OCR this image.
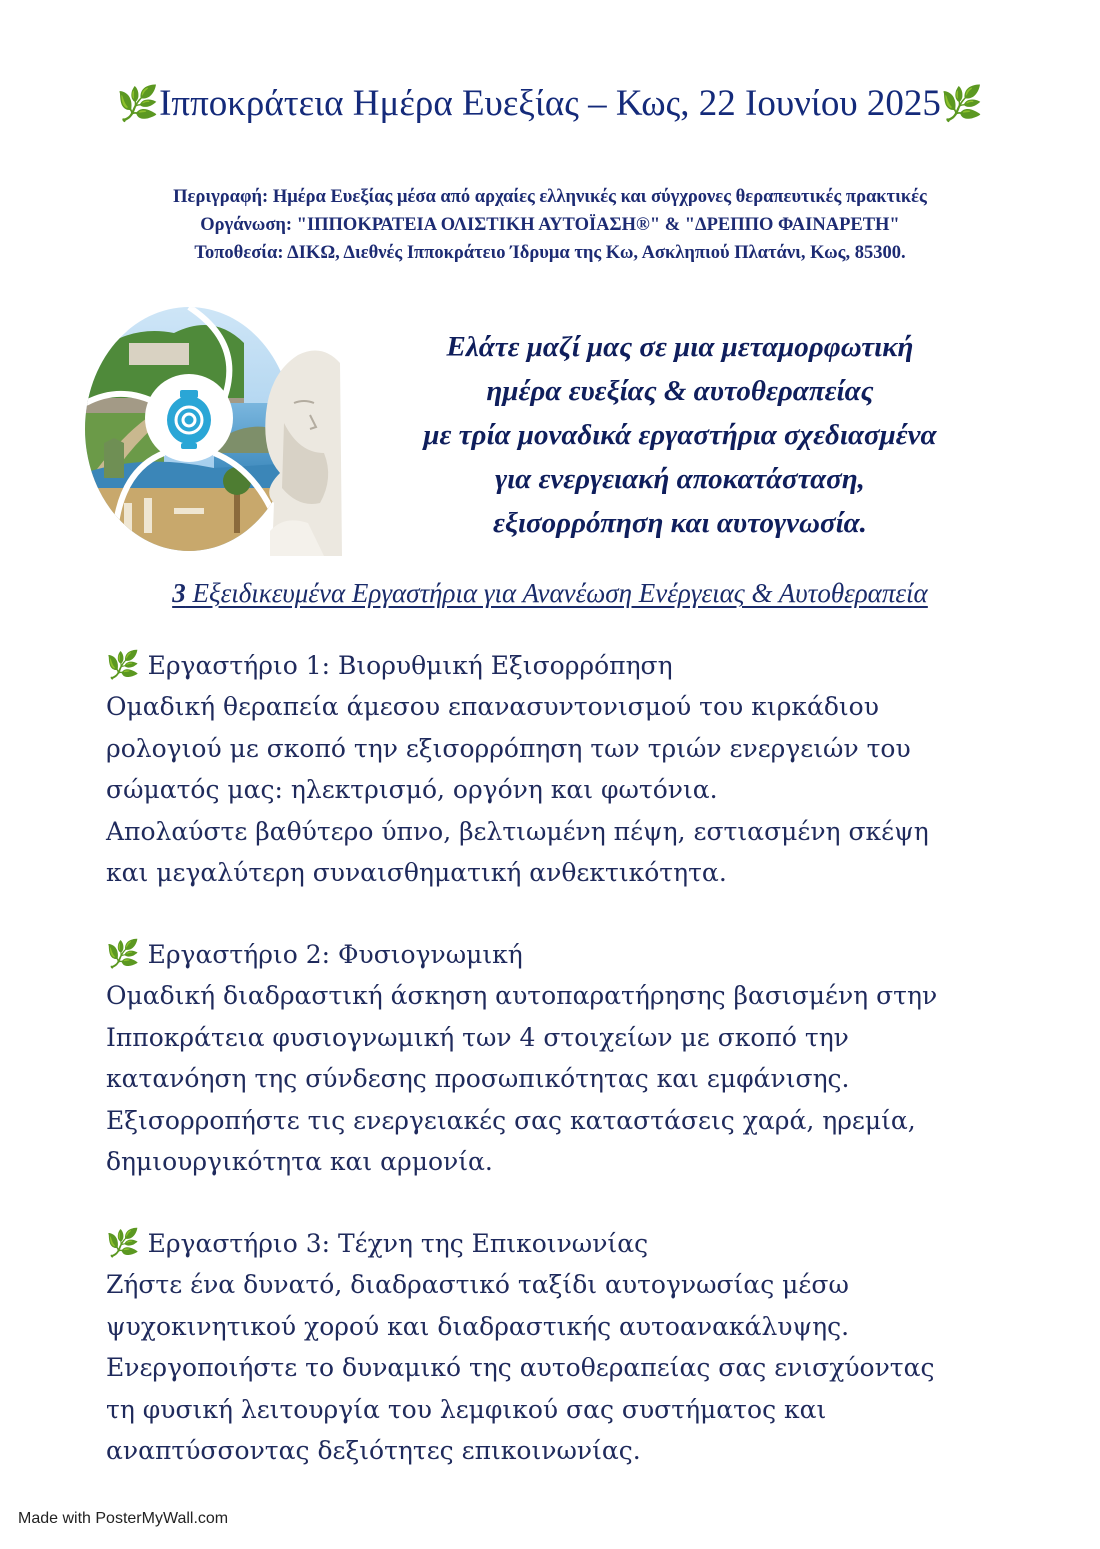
🌿Ιπποκράτεια Ημέρα Ευεξίας – Κως, 22 Ιουνίου 2025🌿
Περιγραφή: Ημέρα Ευεξίας μέσα από αρχαίες ελληνικές και σύγχρονες θεραπευτικές πρακτικές
Οργάνωση: "ΙΠΠΟΚΡΑΤΕΙΑ ΟΛΙΣΤΙΚΗ ΑΥΤΟΪΑΣΗ®" & "ΔΡΕΠΠΟ ΦΑΙΝΑΡΕΤΗ"
Τοποθεσία: ΔΙΚΩ, Διεθνές Ιπποκράτειο Ίδρυμα της Κω, Ασκληπιού Πλατάνι, Κως, 85300.
Ελάτε μαζί μας σε μια μεταμορφωτική
ημέρα ευεξίας & αυτοθεραπείας
με τρία μοναδικά εργαστήρια σχεδιασμένα
για ενεργειακή αποκατάσταση,
εξισορρόπηση και αυτογνωσία.
3 Εξειδικευμένα Εργαστήρια για Ανανέωση Ενέργειας & Αυτοθεραπεία
🌿 Εργαστήριο 1: Βιορυθμική Εξισορρόπηση
Ομαδική θεραπεία άμεσου επανασυντονισμού του κιρκάδιου
ρολογιού με σκοπό την εξισορρόπηση των τριών ενεργειών του
σώματός μας: ηλεκτρισμό, οργόνη και φωτόνια.
Απολαύστε βαθύτερο ύπνο, βελτιωμένη πέψη, εστιασμένη σκέψη
και μεγαλύτερη συναισθηματική ανθεκτικότητα.
🌿 Εργαστήριο 2: Φυσιογνωμική
Ομαδική διαδραστική άσκηση αυτοπαρατήρησης βασισμένη στην
Ιπποκράτεια φυσιογνωμική των 4 στοιχείων με σκοπό την
κατανόηση της σύνδεσης προσωπικότητας και εμφάνισης.
Εξισορροπήστε τις ενεργειακές σας καταστάσεις χαρά, ηρεμία,
δημιουργικότητα και αρμονία.
🌿 Εργαστήριο 3: Τέχνη της Επικοινωνίας
Ζήστε ένα δυνατό, διαδραστικό ταξίδι αυτογνωσίας μέσω
ψυχοκινητικού χορού και διαδραστικής αυτοανακάλυψης.
Ενεργοποιήστε το δυναμικό της αυτοθεραπείας σας ενισχύοντας
τη φυσική λειτουργία του λεμφικού σας συστήματος και
αναπτύσσοντας δεξιότητες επικοινωνίας.
Made with PosterMyWall.com
